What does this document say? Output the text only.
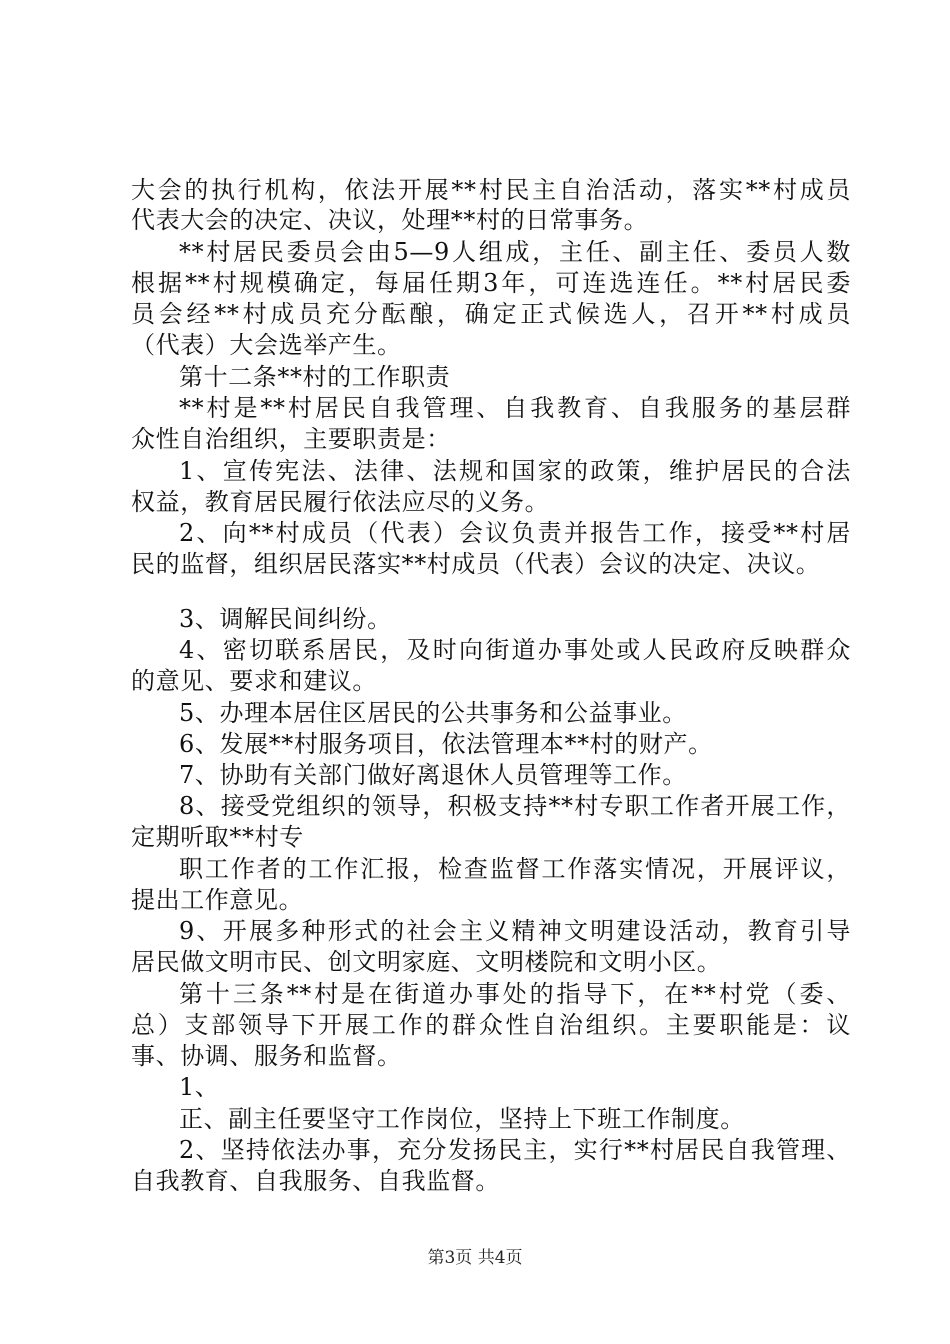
大会的执行机构，依法开展**村民主自治活动，落实**村成员
代表大会的决定、决议，处理**村的日常事务。
**村居民委员会由5—9人组成，主任、副主任、委员人数
根据**村规模确定，每届任期3年，可连选连任。**村居民委
员会经**村成员充分酝酿，确定正式候选人，召开**村成员
（代表）大会选举产生。
第十二条**村的工作职责
**村是**村居民自我管理、自我教育、自我服务的基层群
众性自治组织，主要职责是：
1、宣传宪法、法律、法规和国家的政策，维护居民的合法
权益，教育居民履行依法应尽的义务。
2、向**村成员（代表）会议负责并报告工作，接受**村居
民的监督，组织居民落实**村成员（代表）会议的决定、决议。
3、调解民间纠纷。
4、密切联系居民，及时向街道办事处或人民政府反映群众
的意见、要求和建议。
5、办理本居住区居民的公共事务和公益事业。
6、发展**村服务项目，依法管理本**村的财产。
7、协助有关部门做好离退休人员管理等工作。
8、接受党组织的领导，积极支持**村专职工作者开展工作，
定期听取**村专
职工作者的工作汇报，检查监督工作落实情况，开展评议，
提出工作意见。
9、开展多种形式的社会主义精神文明建设活动，教育引导
居民做文明市民、创文明家庭、文明楼院和文明小区。
第十三条**村是在街道办事处的指导下，在**村党（委、
总）支部领导下开展工作的群众性自治组织。主要职能是：议
事、协调、服务和监督。
1、
正、副主任要坚守工作岗位，坚持上下班工作制度。
2、坚持依法办事，充分发扬民主，实行**村居民自我管理、
自我教育、自我服务、自我监督。
第3页 共4页
